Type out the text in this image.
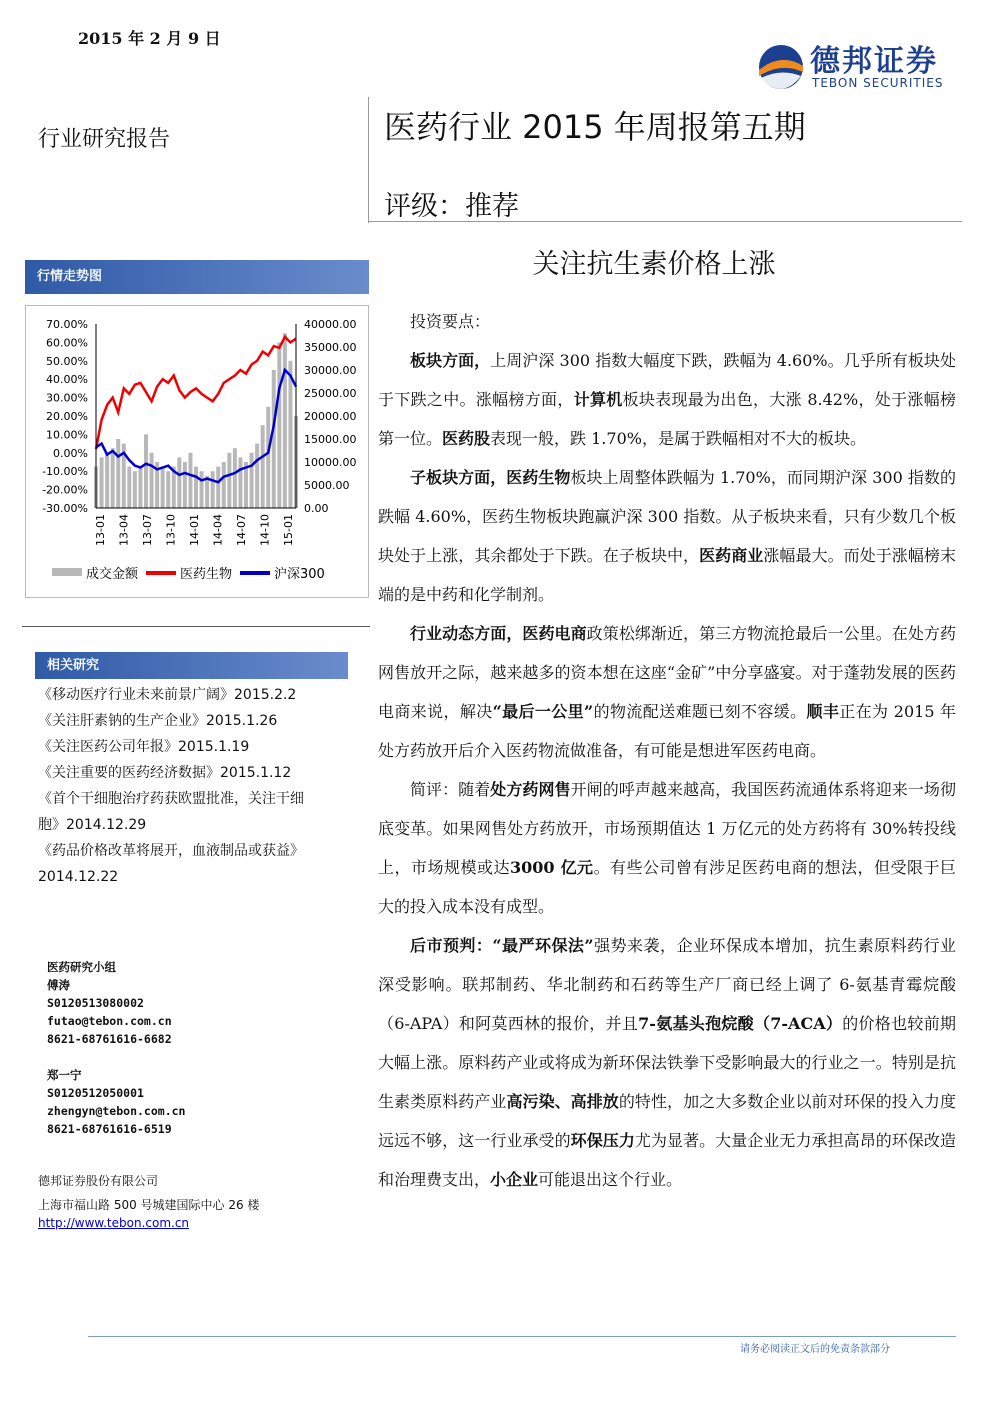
2015 年 2 月 9 日
德邦证券
TEBON SECURITIES
行业研究报告	医药行业 2015 年周报第五期
评级：推荐
关注抗生素价格上涨
行情走势图
70.00%
60.00%
50.00%
40.00%
30.00%
20.00%
10.00%
0.00%
-10.00%
-20.00%
-30.00%
40000.00
35000.00
30000.00
25000.00
20000.00
15000.00
10000.00
5000.00
0.00
13-01 13-04 13-07 13-10 14-01 14-04 14-07 14-10 15-01
成交金额	医药生物	沪深300
相关研究
《移动医疗行业未来前景广阔》2015.2.2
《关注肝素钠的生产企业》2015.1.26
《关注医药公司年报》2015.1.19
《关注重要的医药经济数据》2015.1.12
《首个干细胞治疗药获欧盟批准，关注干细
胞》2014.12.29
《药品价格改革将展开，血液制品或获益》
2014.12.22
医药研究小组
傅涛
S0120513080002
futao@tebon.com.cn
8621-68761616-6682
郑一宁
S0120512050001
zhengyn@tebon.com.cn
8621-68761616-6519
德邦证券股份有限公司
上海市福山路 500 号城建国际中心 26 楼
http://www.tebon.com.cn

投资要点：

板块方面，上周沪深 300 指数大幅度下跌，跌幅为 4.60%。几乎所有板块处于下跌之中。涨幅榜方面，计算机板块表现最为出色，大涨 8.42%，处于涨幅榜第一位。医药股表现一般，跌 1.70%，是属于跌幅相对不大的板块。

子板块方面，医药生物板块上周整体跌幅为 1.70%，而同期沪深 300 指数的跌幅 4.60%，医药生物板块跑赢沪深 300 指数。从子板块来看，只有少数几个板块处于上涨，其余都处于下跌。在子板块中，医药商业涨幅最大。而处于涨幅榜末端的是中药和化学制剂。

行业动态方面，医药电商政策松绑渐近，第三方物流抢最后一公里。在处方药网售放开之际，越来越多的资本想在这座“金矿”中分享盛宴。对于蓬勃发展的医药电商来说，解决“最后一公里”的物流配送难题已刻不容缓。顺丰正在为 2015 年处方药放开后介入医药物流做准备，有可能是想进军医药电商。

简评：随着处方药网售开闸的呼声越来越高，我国医药流通体系将迎来一场彻底变革。如果网售处方药放开，市场预期值达 1 万亿元的处方药将有 30%转投线上，市场规模或达3000 亿元。有些公司曾有涉足医药电商的想法，但受限于巨大的投入成本没有成型。

后市预判：“最严环保法”强势来袭，企业环保成本增加，抗生素原料药行业深受影响。联邦制药、华北制药和石药等生产厂商已经上调了 6-氨基青霉烷酸（6-APA）和阿莫西林的报价，并且7-氨基头孢烷酸（7-ACA）的价格也较前期大幅上涨。原料药产业或将成为新环保法铁拳下受影响最大的行业之一。特别是抗生素类原料药产业高污染、高排放的特性，加之大多数企业以前对环保的投入力度远远不够，这一行业承受的环保压力尤为显著。大量企业无力承担高昂的环保改造和治理费支出，小企业可能退出这个行业。

请务必阅读正文后的免责条款部分
